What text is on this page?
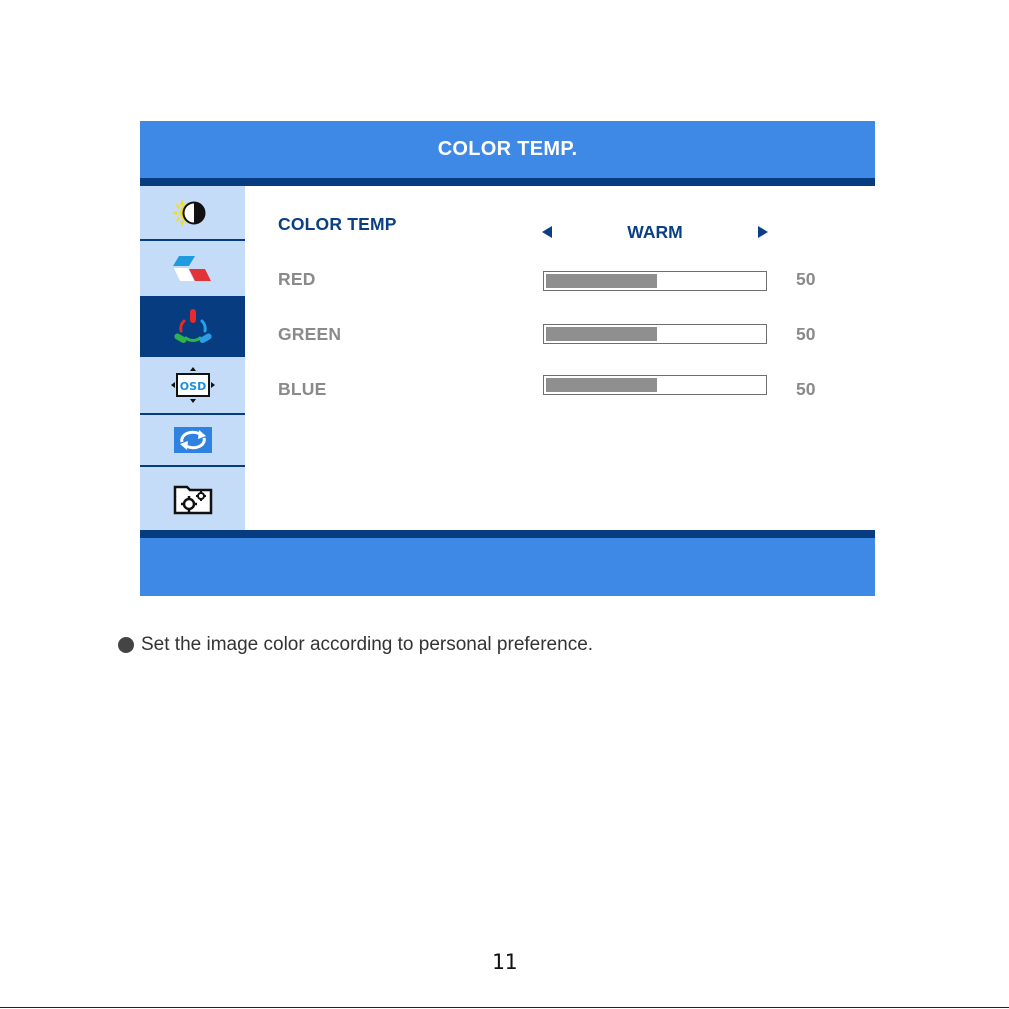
COLOR TEMP.
OSD
COLOR TEMP	WARM
RED	50
GREEN	50
BLUE	50
Set the image color according to personal preference.
11
